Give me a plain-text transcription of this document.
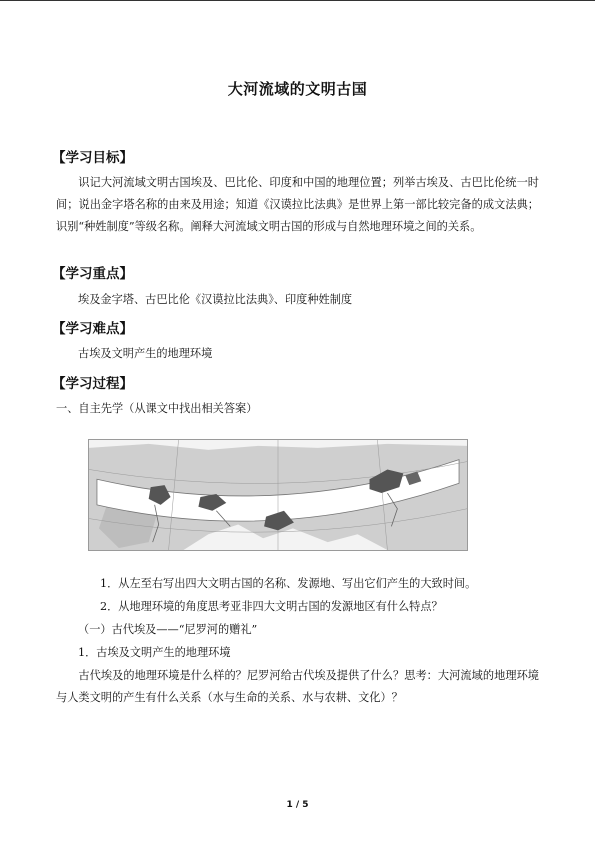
大河流域的文明古国
【学习目标】
识记大河流域文明古国埃及、巴比伦、印度和中国的地理位置；列举古埃及、古巴比伦统一时间；说出金字塔名称的由来及用途；知道《汉谟拉比法典》是世界上第一部比较完备的成文法典；识别“种姓制度”等级名称。阐释大河流域文明古国的形成与自然地理环境之间的关系。
【学习重点】
埃及金字塔、古巴比伦《汉谟拉比法典》、印度种姓制度
【学习难点】
古埃及文明产生的地理环境
【学习过程】
一、自主先学（从课文中找出相关答案）
1．从左至右写出四大文明古国的名称、发源地、写出它们产生的大致时间。
2．从地理环境的角度思考亚非四大文明古国的发源地区有什么特点？
（一）古代埃及——“尼罗河的赠礼”
1．古埃及文明产生的地理环境
古代埃及的地理环境是什么样的？尼罗河给古代埃及提供了什么？思考：大河流域的地理环境与人类文明的产生有什么关系（水与生命的关系、水与农耕、文化）？
1 / 5
